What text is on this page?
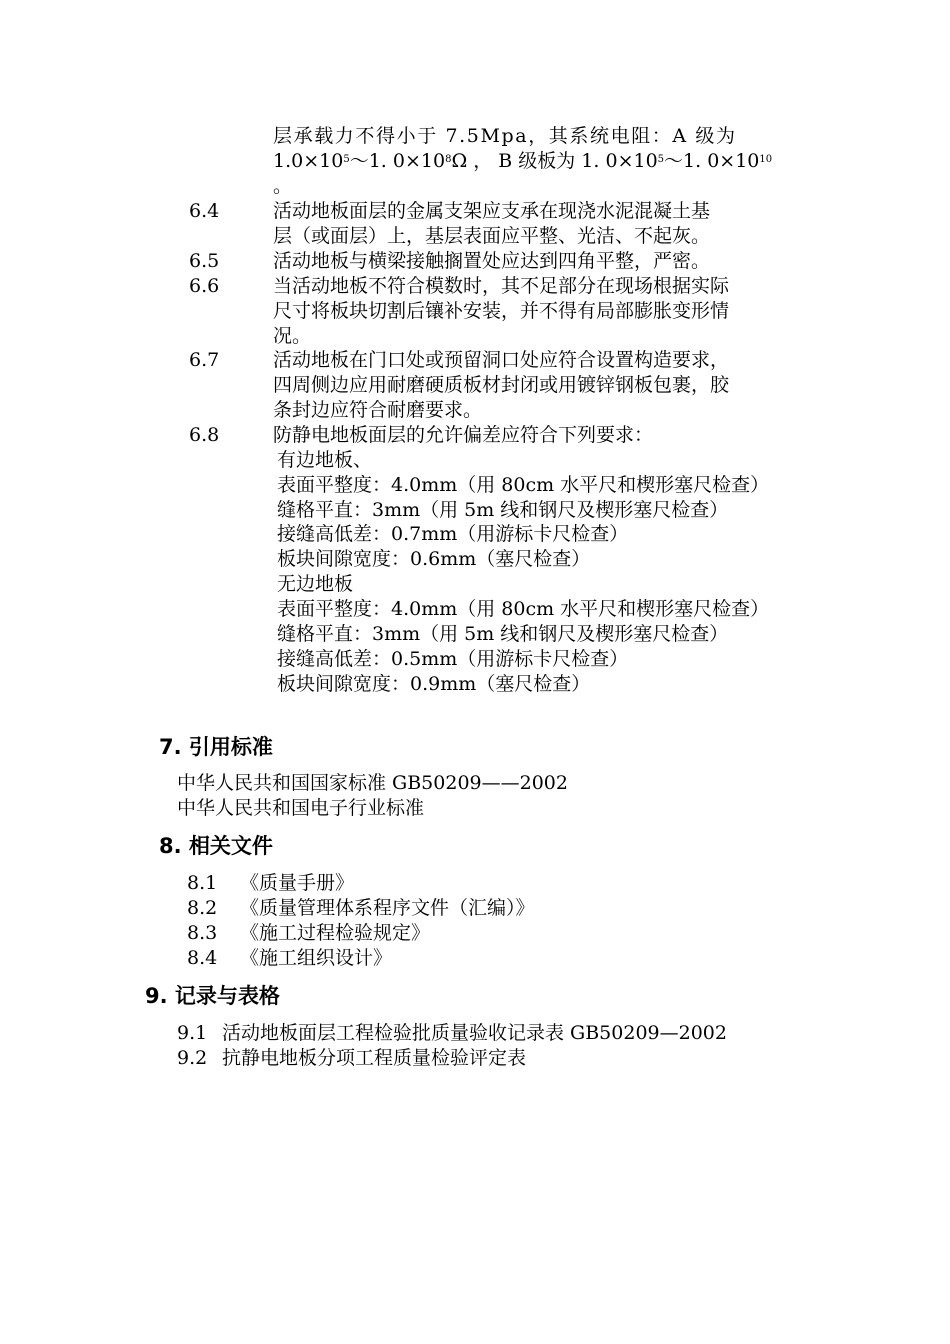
层承载力不得小于 7.5Mpa，其系统电阻：A 级为
$1.0\times 10^5\sim 1$. $0\times 10^8\Omega$ ， B 级板为 1. $0\times 10^5\sim 1$. $0\times 10^{10}$
。
6.4	活动地板面层的金属支架应支承在现浇水泥混凝土基
层（或面层）上，基层表面应平整、光洁、不起灰。
6.5	活动地板与横梁接触搁置处应达到四角平整，严密。
6.6	当活动地板不符合模数时，其不足部分在现场根据实际
尺寸将板块切割后镶补安装，并不得有局部膨胀变形情
况。
6.7	活动地板在门口处或预留洞口处应符合设置构造要求，
四周侧边应用耐磨硬质板材封闭或用镀锌钢板包裹，胶
条封边应符合耐磨要求。
6.8	防静电地板面层的允许偏差应符合下列要求：
有边地板、
表面平整度：4.0mm（用 80cm 水平尺和楔形塞尺检查）
缝格平直：3mm（用 5m 线和钢尺及楔形塞尺检查）
接缝高低差：0.7mm（用游标卡尺检查）
板块间隙宽度：0.6mm（塞尺检查）
无边地板
表面平整度：4.0mm（用 80cm 水平尺和楔形塞尺检查）
缝格平直：3mm（用 5m 线和钢尺及楔形塞尺检查）
接缝高低差：0.5mm（用游标卡尺检查）
板块间隙宽度：0.9mm（塞尺检查）
7. 引用标准
中华人民共和国国家标准 GB50209——2002
中华人民共和国电子行业标准
8. 相关文件
8.1 《质量手册》
8.2 《质量管理体系程序文件（汇编）》
8.3 《施工过程检验规定》
8.4 《施工组织设计》
9. 记录与表格
9.1 活动地板面层工程检验批质量验收记录表 GB50209—2002
9.2 抗静电地板分项工程质量检验评定表
